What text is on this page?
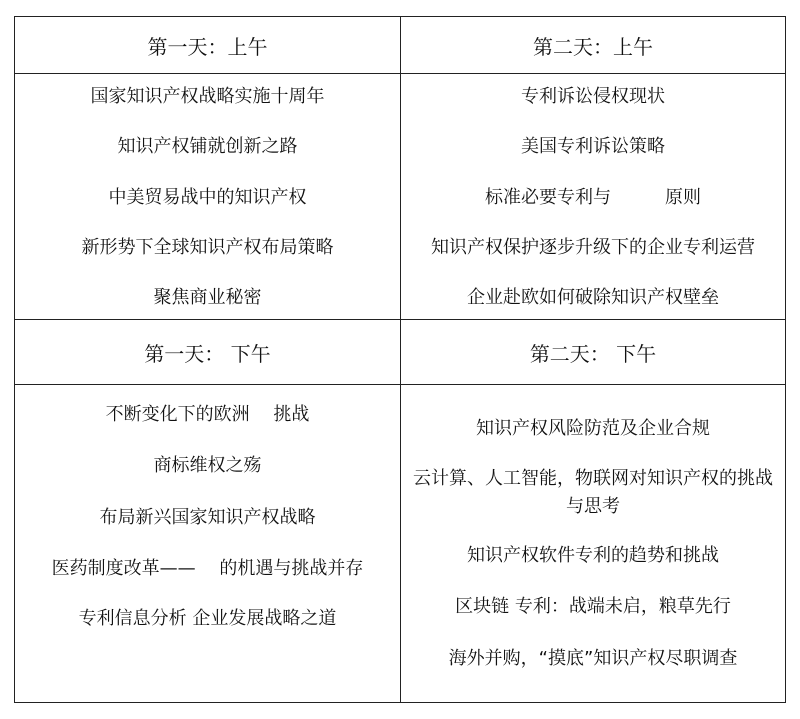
第一天：上午	第二天：上午
第一天： 下午	第二天： 下午
国家知识产权战略实施十周年
知识产权铺就创新之路
中美贸易战中的知识产权
新形势下全球知识产权布局策略
聚焦商业秘密
专利诉讼侵权现状
美国专利诉讼策略
标准必要专利与　　　原则
知识产权保护逐步升级下的企业专利运营
企业赴欧如何破除知识产权壁垒
不断变化下的欧洲　 挑战
商标维权之殇
布局新兴国家知识产权战略
医药制度改革——　 的机遇与挑战并存
专利信息分析 企业发展战略之道
知识产权风险防范及企业合规
云计算、人工智能，物联网对知识产权的挑战与思考
知识产权软件专利的趋势和挑战
区块链 专利：战端未启，粮草先行
海外并购，“摸底”知识产权尽职调查
